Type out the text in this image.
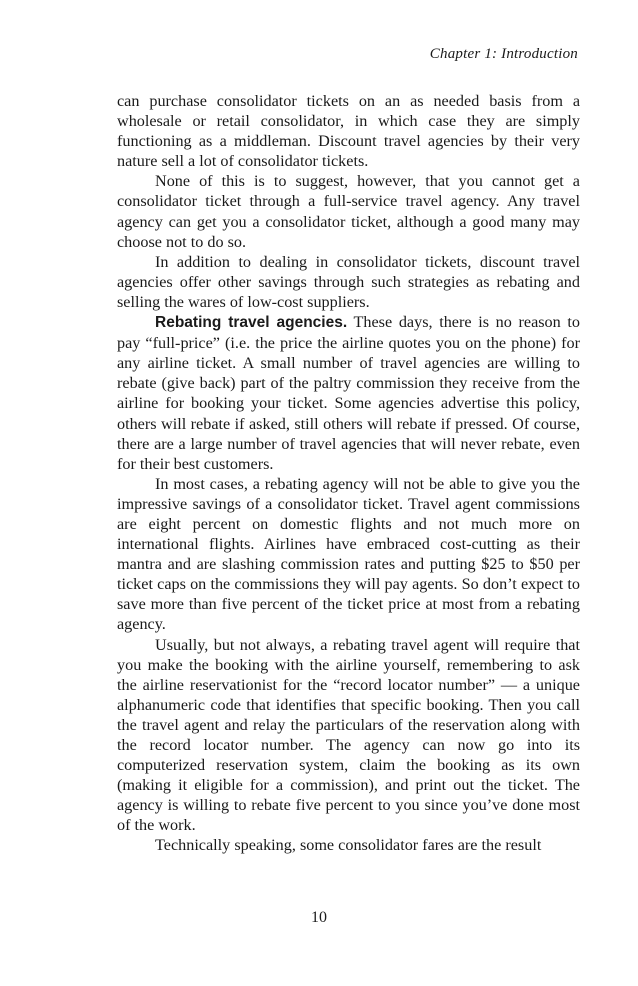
Chapter 1: Introduction

can purchase consolidator tickets on an as needed basis from a wholesale or retail consolidator, in which case they are simply functioning as a middleman. Discount travel agencies by their very nature sell a lot of consolidator tickets.

None of this is to suggest, however, that you cannot get a consolidator ticket through a full-service travel agency. Any travel agency can get you a consolidator ticket, although a good many may choose not to do so.

In addition to dealing in consolidator tickets, discount travel agencies offer other savings through such strategies as rebating and selling the wares of low-cost suppliers.

Rebating travel agencies. These days, there is no reason to pay “full-price” (i.e. the price the airline quotes you on the phone) for any airline ticket. A small number of travel agencies are willing to rebate (give back) part of the paltry commission they receive from the airline for booking your ticket. Some agencies advertise this policy, others will rebate if asked, still others will rebate if pressed. Of course, there are a large number of travel agencies that will never rebate, even for their best customers.

In most cases, a rebating agency will not be able to give you the impressive savings of a consolidator ticket. Travel agent commissions are eight percent on domestic flights and not much more on international flights. Airlines have embraced cost-cutting as their mantra and are slashing commission rates and putting $25 to $50 per ticket caps on the commissions they will pay agents. So don’t expect to save more than five percent of the ticket price at most from a rebating agency.

Usually, but not always, a rebating travel agent will require that you make the booking with the airline yourself, remembering to ask the airline reservationist for the “record locator number” — a unique alphanumeric code that identifies that specific booking. Then you call the travel agent and relay the particulars of the reservation along with the record locator number. The agency can now go into its computerized reservation system, claim the booking as its own (making it eligible for a commission), and print out the ticket. The agency is willing to rebate five percent to you since you’ve done most of the work.

Technically speaking, some consolidator fares are the result

10
